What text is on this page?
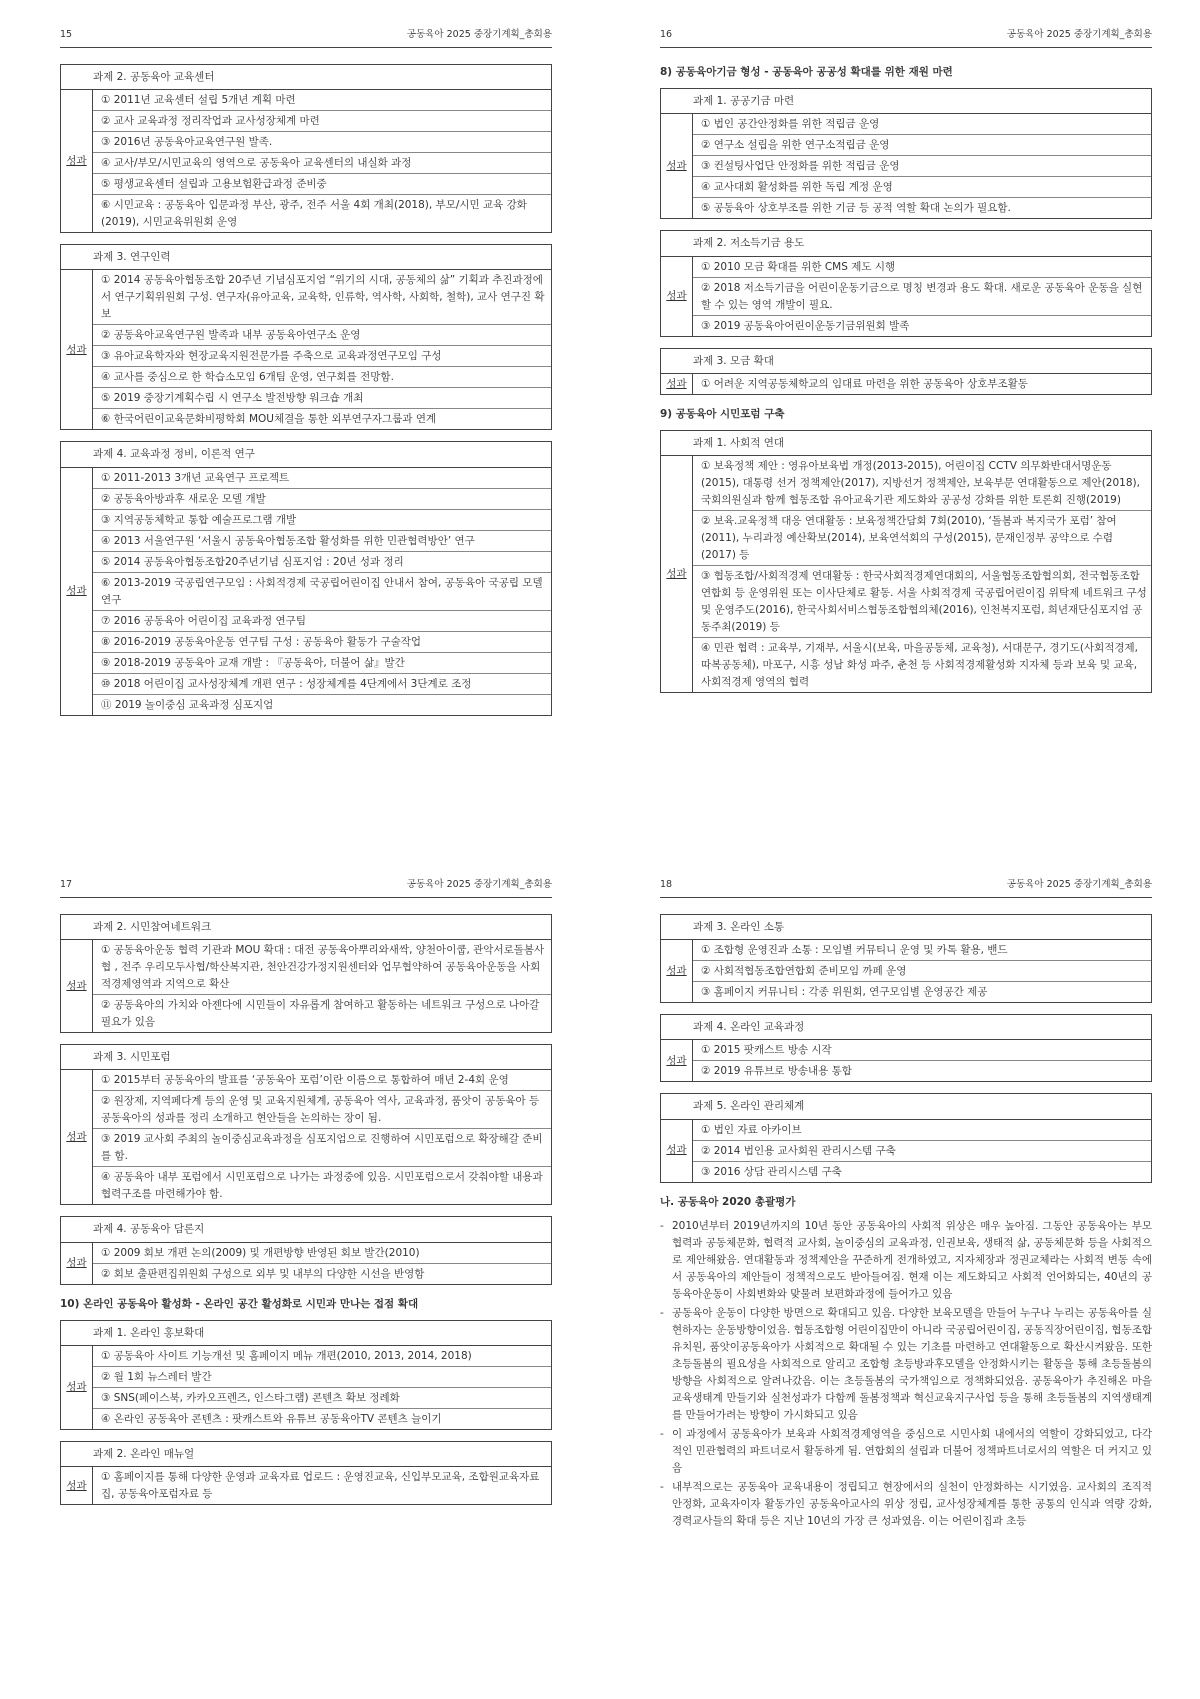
15	공동육아 2025 중장기계획_총회용
과제 2. 공동육아 교육센터
성과
① 2011년 교육센터 설립 5개년 계획 마련
② 교사 교육과정 정리작업과 교사성장체계 마련
③ 2016년 공동육아교육연구원 발족.
④ 교사/부모/시민교육의 영역으로 공동육아 교육센터의 내실화 과정
⑤ 평생교육센터 설립과 고용보험환급과정 준비중
⑥ 시민교육 : 공동육아 입문과정 부산, 광주, 전주 서울 4회 개최(2018), 부모/시민 교육 강화(2019), 시민교육위원회 운영
과제 3. 연구인력
성과
① 2014 공동육아협동조합 20주년 기념심포지엄 “위기의 시대, 공동체의 삶” 기획과 추진과정에서 연구기획위원회 구성. 연구자(유아교육, 교육학, 인류학, 역사학, 사회학, 철학), 교사 연구진 확보
② 공동육아교육연구원 발족과 내부 공동육아연구소 운영
③ 유아교육학자와 현장교육지원전문가를 주축으로 교육과정연구모임 구성
④ 교사를 중심으로 한 학습소모임 6개팀 운영, 연구회를 전망함.
⑤ 2019 중장기계획수립 시 연구소 발전방향 워크숍 개최
⑥ 한국어린이교육문화비평학회 MOU체결을 통한 외부연구자그룹과 연계
과제 4. 교육과정 정비, 이론적 연구
성과
① 2011-2013 3개년 교육연구 프로젝트
② 공동육아방과후 새로운 모델 개발
③ 지역공동체학교 통합 예술프로그램 개발
④ 2013 서울연구원 ‘서울시 공동육아협동조합 활성화를 위한 민관협력방안’ 연구
⑤ 2014 공동육아협동조합20주년기념 심포지엄 : 20년 성과 정리
⑥ 2013-2019 국공립연구모임 : 사회적경제 국공립어린이집 안내서 참여, 공동육아 국공립 모델연구
⑦ 2016 공동육아 어린이집 교육과정 연구팀
⑧ 2016-2019 공동육아운동 연구팀 구성 : 공동육아 활동가 구술작업
⑨ 2018-2019 공동육아 교재 개발 : 『공동육아, 더불어 삶』발간
⑩ 2018 어린이집 교사성장체계 개편 연구 : 성장체계를 4단계에서 3단계로 조정
⑪ 2019 놀이중심 교육과정 심포지엄
16	공동육아 2025 중장기계획_총회용
8) 공동육아기금 형성 - 공동육아 공공성 확대를 위한 재원 마련
과제 1. 공공기금 마련
성과
① 법인 공간안정화를 위한 적립금 운영
② 연구소 설립을 위한 연구소적립금 운영
③ 컨설팅사업단 안정화를 위한 적립금 운영
④ 교사대회 활성화를 위한 독립 계정 운영
⑤ 공동육아 상호부조를 위한 기금 등 공적 역할 확대 논의가 필요함.
과제 2. 저소득기금 용도
성과
① 2010 모금 확대를 위한 CMS 제도 시행
② 2018 저소득기금을 어린이운동기금으로 명칭 변경과 용도 확대. 새로운 공동육아 운동을 실현할 수 있는 영역 개발이 필요.
③ 2019 공동육아어린이운동기금위원회 발족
과제 3. 모금 확대
성과	① 어려운 지역공동체학교의 임대료 마련을 위한 공동육아 상호부조활동
9) 공동육아 시민포럼 구축
과제 1. 사회적 연대
성과
① 보육정책 제안 : 영유아보육법 개정(2013-2015), 어린이집 CCTV 의무화반대서명운동(2015), 대통령 선거 정책제안(2017), 지방선거 정책제안, 보육부문 연대활동으로 제안(2018), 국회의원실과 함께 협동조합 유아교육기관 제도화와 공공성 강화를 위한 토론회 진행(2019)
② 보육.교육정책 대응 연대활동 : 보육정책간담회 7회(2010), ‘돌봄과 복지국가 포럼’ 참여(2011), 누리과정 예산확보(2014), 보육연석회의 구성(2015), 문재인정부 공약으로 수렴(2017) 등
③ 협동조합/사회적경제 연대활동 : 한국사회적경제연대회의, 서울협동조합협의회, 전국협동조합연합회 등 운영위원 또는 이사단체로 활동. 서울 사회적경제 국공립어린이집 위탁제 네트워크 구성 및 운영주도(2016), 한국사회서비스협동조합협의체(2016), 인천복지포럼, 희년재단심포지엄 공동주최(2019) 등
④ 민관 협력 : 교육부, 기재부, 서울시(보육, 마을공동체, 교육청), 서대문구, 경기도(사회적경제, 따복공동체), 마포구, 시흥 성남 화성 파주, 춘천 등 사회적경제활성화 지자체 등과 보육 및 교육, 사회적경제 영역의 협력
17	공동육아 2025 중장기계획_총회용
과제 2. 시민참여네트워크
성과
① 공동육아운동 협력 기관과 MOU 확대 : 대전 공동육아뿌리와새싹, 양천아이쿱, 관악서로돌봄사협 , 전주 우리모두사협/학산복지관, 천안건강가정지원센터와 업무협약하여 공동육아운동을 사회적경제영역과 지역으로 확산
② 공동육아의 가치와 아젠다에 시민들이 자유롭게 참여하고 활동하는 네트워크 구성으로 나아갈 필요가 있음
과제 3. 시민포럼
성과
① 2015부터 공동육아의 발표를 ‘공동육아 포럼’이란 이름으로 통합하여 매년 2-4회 운영
② 원장제, 지역페다계 등의 운영 및 교육지원체계, 공동육아 역사, 교육과정, 품앗이 공동육아 등 공동육아의 성과를 정리 소개하고 현안들을 논의하는 장이 됨.
③ 2019 교사회 주최의 놀이중심교육과정을 심포지엄으로 진행하여 시민포럼으로 확장해갈 준비를 함.
④ 공동육아 내부 포럼에서 시민포럼으로 나가는 과정중에 있음. 시민포럼으로서 갖춰야할 내용과 협력구조를 마련해가야 함.
과제 4. 공동육아 담론지
성과
① 2009 회보 개편 논의(2009) 및 개편방향 반영된 회보 발간(2010)
② 회보 출판편집위원회 구성으로 외부 및 내부의 다양한 시선을 반영함
10) 온라인 공동육아 활성화 - 온라인 공간 활성화로 시민과 만나는 접점 확대
과제 1. 온라인 홍보확대
성과
① 공동육아 사이트 기능개선 및 홈페이지 메뉴 개편(2010, 2013, 2014, 2018)
② 월 1회 뉴스레터 발간
③ SNS(페이스북, 카카오프렌즈, 인스타그램) 콘텐츠 확보 정례화
④ 온라인 공동육아 콘텐츠 : 팟캐스트와 유튜브 공동육아TV 콘텐츠 늘이기
과제 2. 온라인 매뉴얼
성과
① 홈페이지를 통해 다양한 운영과 교육자료 업로드 : 운영진교육, 신입부모교육, 조합원교육자료집, 공동육아포럼자료 등
18	공동육아 2025 중장기계획_총회용
과제 3. 온라인 소통
성과
① 조합형 운영진과 소통 : 모임별 커뮤티니 운영 및 카톡 활용, 밴드
② 사회적협동조합연합회 준비모임 까페 운영
③ 홈페이지 커뮤니티 : 각종 위원회, 연구모임별 운영공간 제공
과제 4. 온라인 교육과정
성과
① 2015 팟캐스트 방송 시작
② 2019 유튜브로 방송내용 통합
과제 5. 온라인 관리체계
성과
① 법인 자료 아카이브
② 2014 법인용 교사회원 관리시스템 구축
③ 2016 상담 관리시스템 구축
나. 공동육아 2020 총괄평가
- 2010년부터 2019년까지의 10년 동안 공동육아의 사회적 위상은 매우 높아짐. 그동안 공동육아는 부모협력과 공동체문화, 협력적 교사회, 놀이중심의 교육과정, 인권보육, 생태적 삶, 공동체문화 등을 사회적으로 제안해왔음. 연대활동과 정책제안을 꾸준하게 전개하였고, 지자체장과 정권교체라는 사회적 변동 속에서 공동육아의 제안들이 정책적으로도 받아들여짐. 현재 이는 제도화되고 사회적 언어화되는, 40년의 공동육아운동이 사회변화와 맞물려 보편화과정에 들어가고 있음
- 공동육아 운동이 다양한 방면으로 확대되고 있음. 다양한 보육모델을 만들어 누구나 누리는 공동육아를 실현하자는 운동방향이었음. 협동조합형 어린이집만이 아니라 국공립어린이집, 공동직장어린이집, 협동조합유치원, 품앗이공동육아가 사회적으로 확대될 수 있는 기초를 마련하고 연대활동으로 확산시켜왔음. 또한 초등돌봄의 필요성을 사회적으로 알리고 조합형 초등방과후모델을 안정화시키는 활동을 통해 초등돌봄의 방향을 사회적으로 알려나갔음. 이는 초등돌봄의 국가책임으로 정책화되었음. 공동육아가 추진해온 마을교육생태계 만들기와 실천성과가 다함께 돌봄정책과 혁신교육지구사업 등을 통해 초등돌봄의 지역생태계를 만들어가려는 방향이 가시화되고 있음
- 이 과정에서 공동육아가 보육과 사회적경제영역을 중심으로 시민사회 내에서의 역할이 강화되었고, 다각적인 민관협력의 파트너로서 활동하게 됨. 연합회의 설립과 더불어 정책파트너로서의 역할은 더 커지고 있음
- 내부적으로는 공동육아 교육내용이 정립되고 현장에서의 실천이 안정화하는 시기였음. 교사회의 조직적 안정화, 교육자이자 활동가인 공동육아교사의 위상 정립, 교사성장체계를 통한 공통의 인식과 역량 강화, 경력교사들의 확대 등은 지난 10년의 가장 큰 성과였음. 이는 어린이집과 초등
